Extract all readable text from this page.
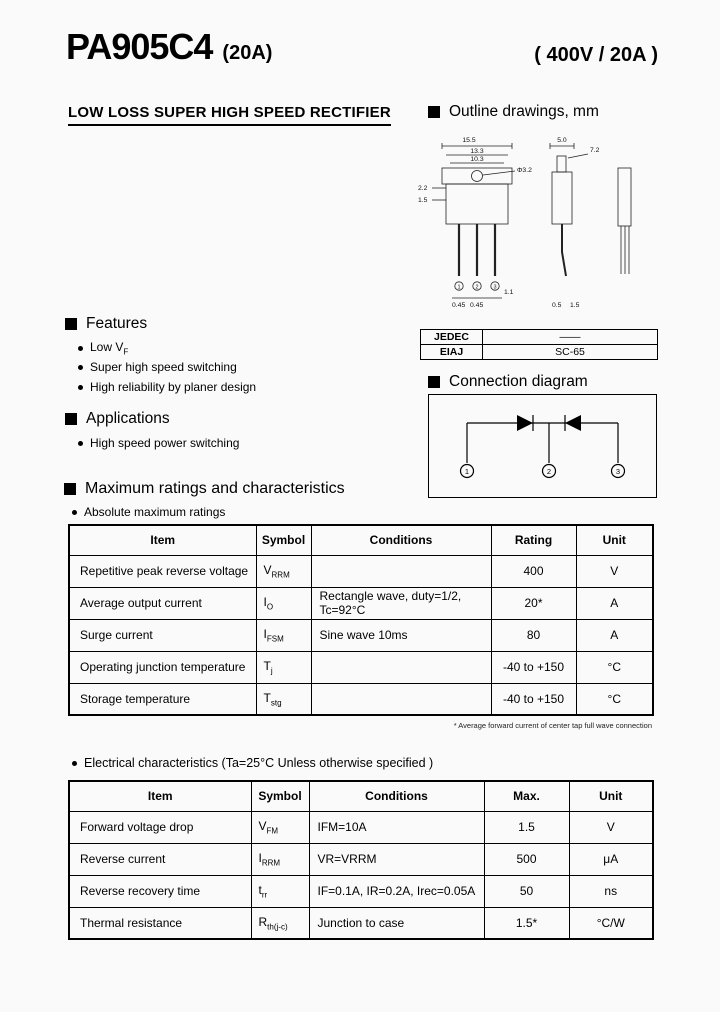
PA905C4 (20A)	( 400V / 20A )
LOW LOSS SUPER HIGH SPEED RECTIFIER	Outline drawings, mm
15.5
13.3
10.3
Φ3.2
2.2
1.5
0.45 0.45
1.1
5.0
7.2
0.5 1.5
1	2	3
JEDEC	——
EIAJ	SC-65
Features
Low $V_F$
Super high speed switching
High reliability by planer design	Connection diagram
1	2	3
Applications
High speed power switching
Maximum ratings and characteristics
Absolute maximum ratings
Item	Symbol	Conditions	Rating	Unit
Repetitive peak reverse voltage	$V_{RRM}$		400	V
Average output current	$I_O$	Rectangle wave, duty=1/2, Tc=92°C	20*	A
Surge current	$I_{FSM}$	Sine wave 10ms	80	A
Operating junction temperature	$T_j$		-40 to +150	°C
Storage temperature	$T_{stg}$		-40 to +150	°C
* Average forward current of center tap full wave connection
Electrical characteristics (Ta=25°C Unless otherwise specified )
Item	Symbol	Conditions	Max.	Unit
Forward voltage drop	$V_{FM}$	IFM=10A	1.5	V
Reverse current	$I_{RRM}$	VR=VRRM	500	μA
Reverse recovery time	$t_{rr}$	IF=0.1A, IR=0.2A, Irec=0.05A	50	ns
Thermal resistance	$R_{th(j-c)}$	Junction to case	1.5*	°C/W
